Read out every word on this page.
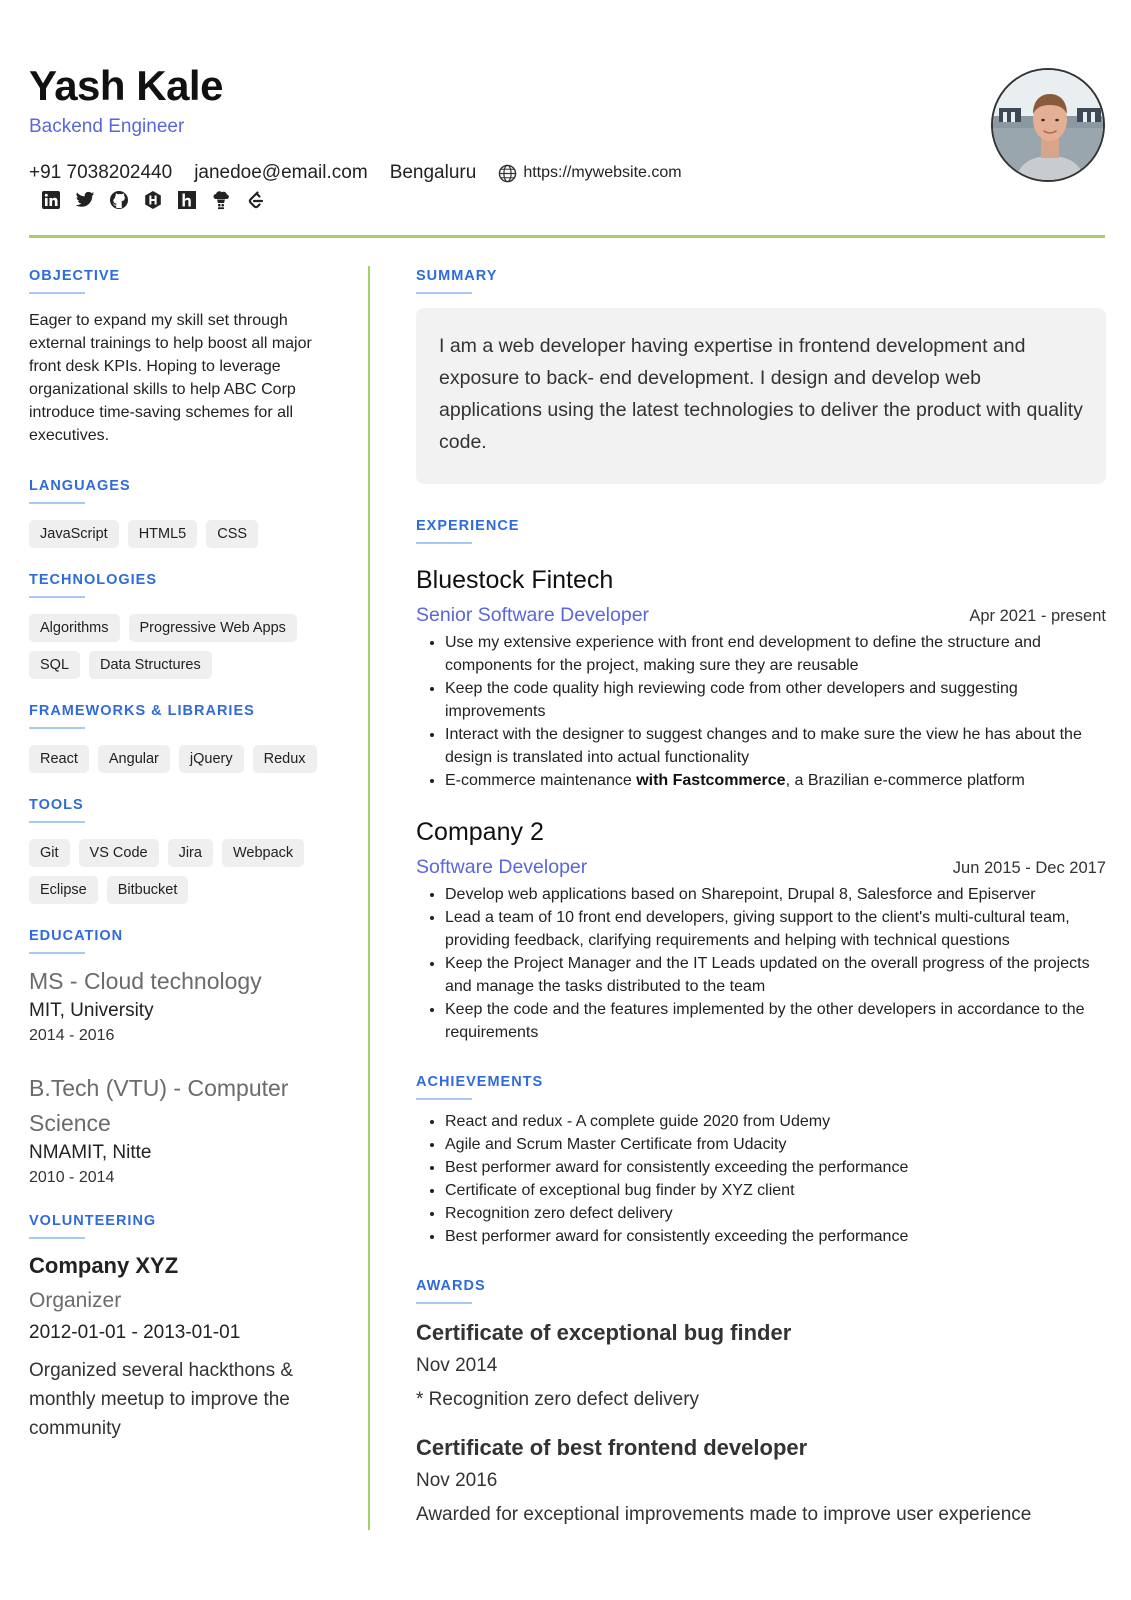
Yash Kale
Backend Engineer
+91 7038202440 janedoe@email.com Bengaluru	https://mywebsite.com
OBJECTIVE
Eager to expand my skill set through external trainings to help boost all major front desk KPIs. Hoping to leverage organizational skills to help ABC Corp introduce time-saving schemes for all executives.
LANGUAGES
JavaScript	HTML5	CSS
TECHNOLOGIES
Algorithms	Progressive Web Apps
SQL	Data Structures
FRAMEWORKS & LIBRARIES
React	Angular	jQuery	Redux
TOOLS
Git	VS Code	Jira	Webpack
Eclipse	Bitbucket
EDUCATION
MS - Cloud technology
MIT, University
2014 - 2016
B.Tech (VTU) - Computer Science
NMAMIT, Nitte
2010 - 2014
VOLUNTEERING
Company XYZ
Organizer
2012-01-01 - 2013-01-01
Organized several hackthons & monthly meetup to improve the community
SUMMARY
I am a web developer having expertise in frontend development and exposure to back- end development. I design and develop web applications using the latest technologies to deliver the product with quality code.
EXPERIENCE
Bluestock Fintech
Senior Software Developer	Apr 2021 - present
• Use my extensive experience with front end development to define the structure and components for the project, making sure they are reusable
• Keep the code quality high reviewing code from other developers and suggesting improvements
• Interact with the designer to suggest changes and to make sure the view he has about the design is translated into actual functionality
• E-commerce maintenance with Fastcommerce, a Brazilian e-commerce platform
Company 2
Software Developer	Jun 2015 - Dec 2017
• Develop web applications based on Sharepoint, Drupal 8, Salesforce and Episerver
• Lead a team of 10 front end developers, giving support to the client's multi-cultural team, providing feedback, clarifying requirements and helping with technical questions
• Keep the Project Manager and the IT Leads updated on the overall progress of the projects and manage the tasks distributed to the team
• Keep the code and the features implemented by the other developers in accordance to the requirements
ACHIEVEMENTS
• React and redux - A complete guide 2020 from Udemy
• Agile and Scrum Master Certificate from Udacity
• Best performer award for consistently exceeding the performance
• Certificate of exceptional bug finder by XYZ client
• Recognition zero defect delivery
• Best performer award for consistently exceeding the performance
AWARDS
Certificate of exceptional bug finder
Nov 2014
* Recognition zero defect delivery
Certificate of best frontend developer
Nov 2016
Awarded for exceptional improvements made to improve user experience
